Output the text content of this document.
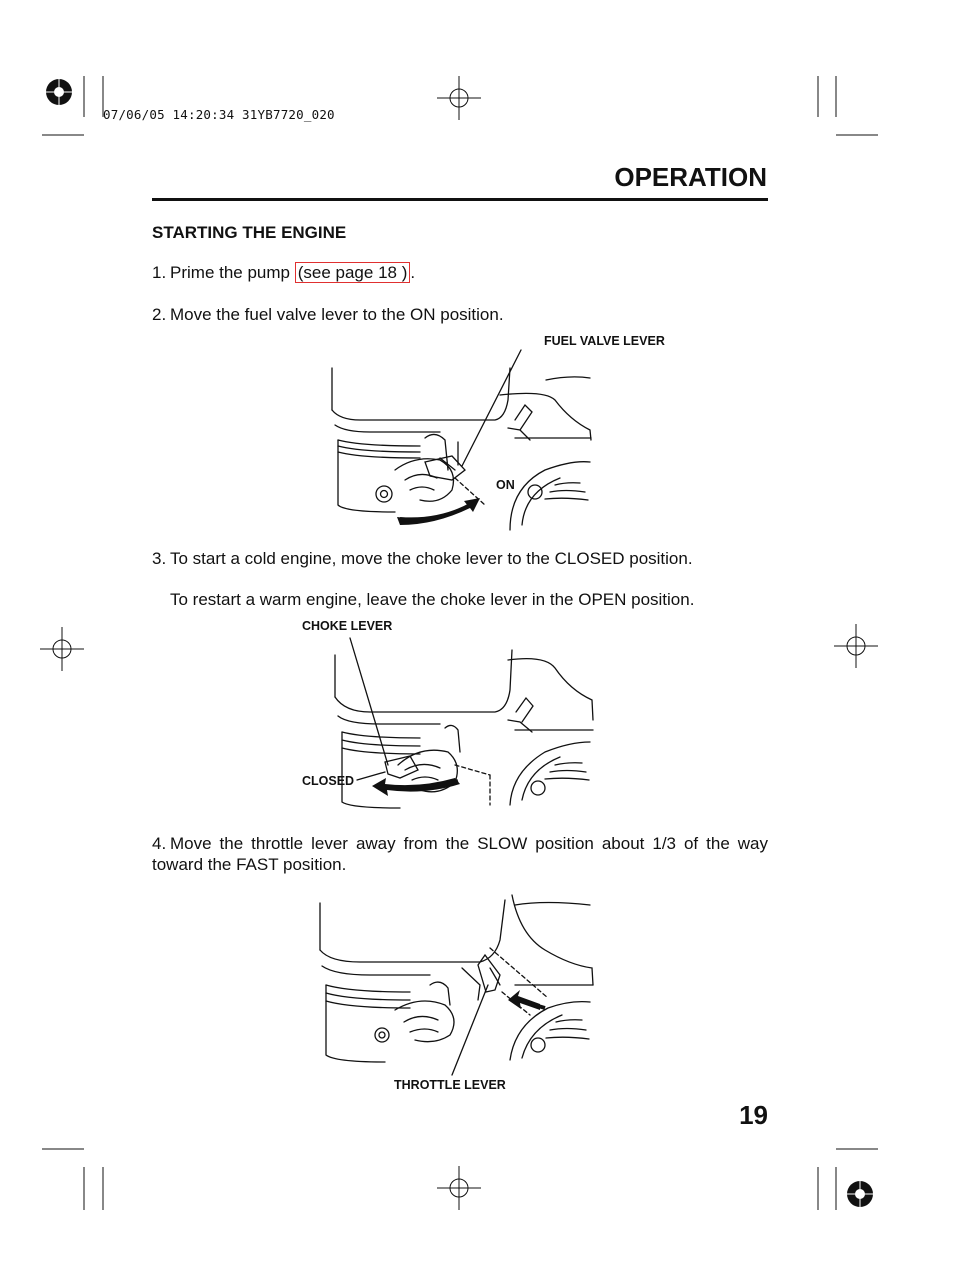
07/06/05 14:20:34 31YB7720_020
OPERATION
STARTING THE ENGINE
1. Prime the pump (see page 18 ) .
2. Move the fuel valve lever to the ON position.
FUEL VALVE LEVER
ON
3. To start a cold engine, move the choke lever to the CLOSED position.
To restart a warm engine, leave the choke lever in the OPEN position.
CHOKE LEVER
CLOSED
4. Move the throttle lever away from the SLOW position about 1/3 of the way toward the FAST position.
THROTTLE LEVER
19
